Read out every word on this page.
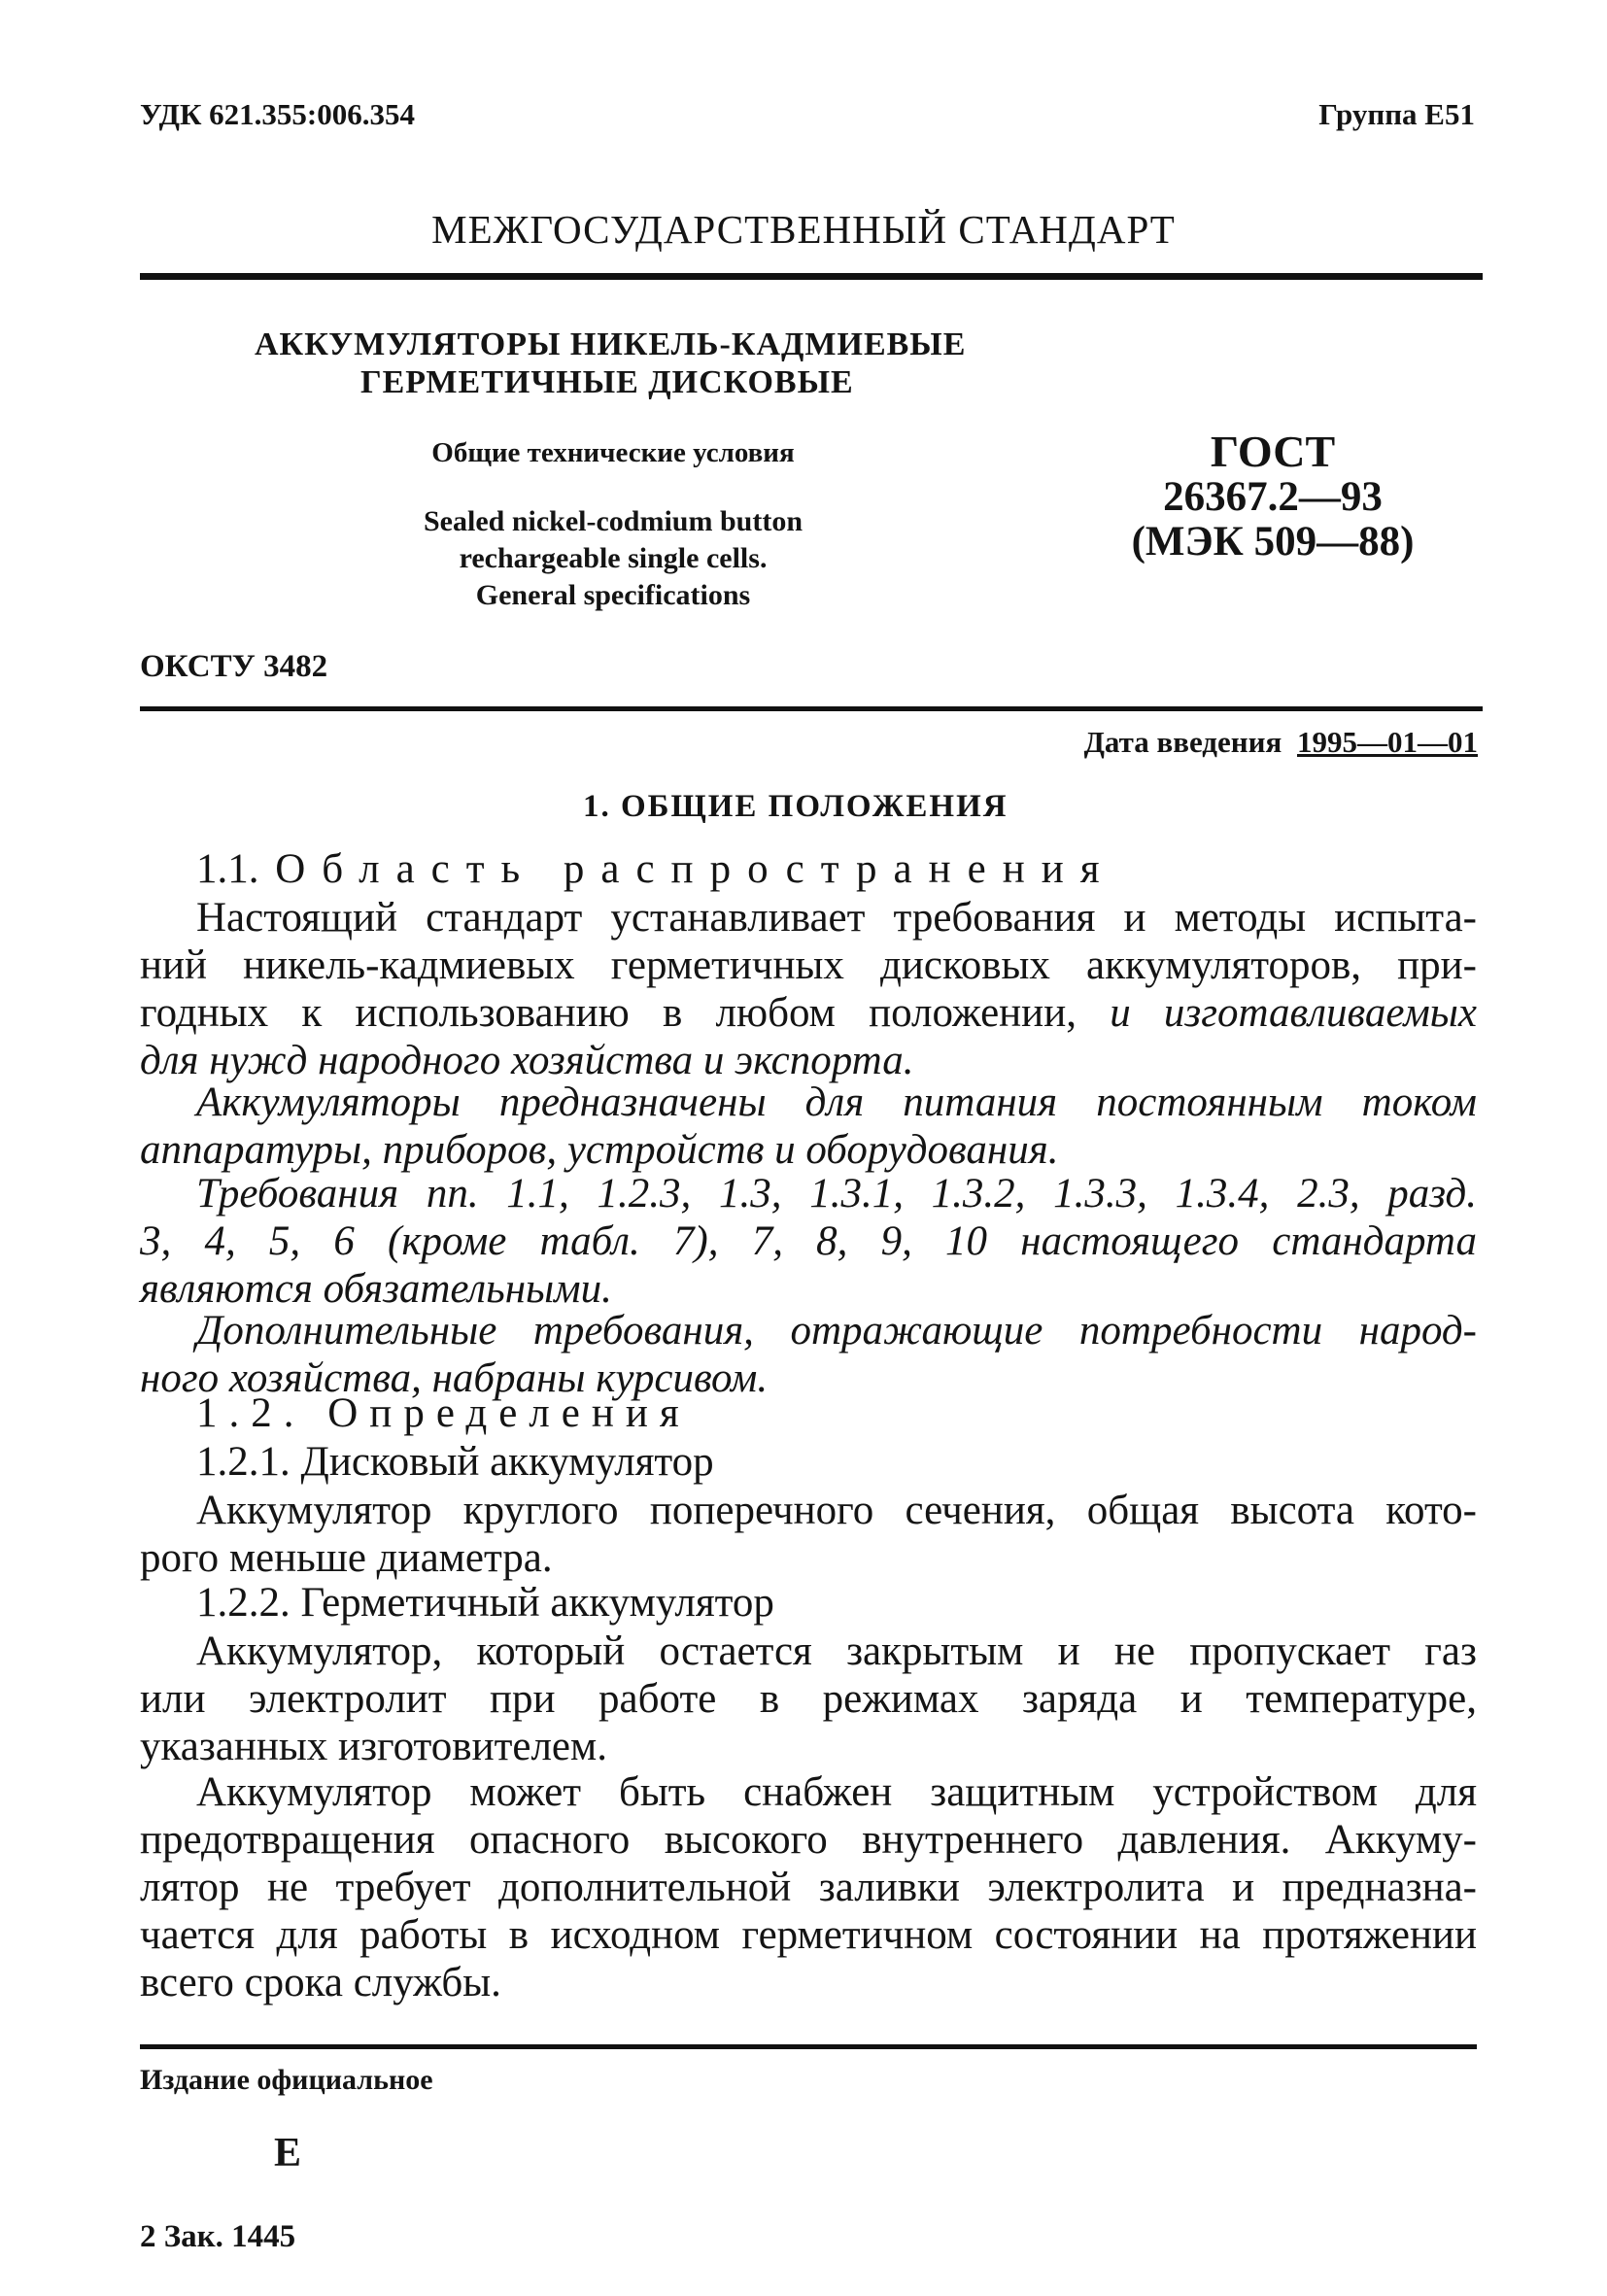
УДК 621.355:006.354	Группа Е51
МЕЖГОСУДАРСТВЕННЫЙ СТАНДАРТ
АККУМУЛЯТОРЫ НИКЕЛЬ-КАДМИЕВЫЕ
ГЕРМЕТИЧНЫЕ ДИСКОВЫЕ
Общие технические условия
Sealed nickel-codmium button
rechargeable single cells.
General specifications
ГОСТ
26367.2—93
(МЭК 509—88)
ОКСТУ 3482
Дата введения 1995—01—01
1. ОБЩИЕ ПОЛОЖЕНИЯ
1.1. Область распространения
Настоящий стандарт устанавливает требования и методы испыта-
ний никель-кадмиевых герметичных дисковых аккумуляторов, при-
годных к использованию в любом положении, и изготавливаемых
для нужд народного хозяйства и экспорта.
Аккумуляторы предназначены для питания постоянным током
аппаратуры, приборов, устройств и оборудования.
Требования пп. 1.1, 1.2.3, 1.3, 1.3.1, 1.3.2, 1.3.3, 1.3.4, 2.3, разд.
3, 4, 5, 6 (кроме табл. 7), 7, 8, 9, 10 настоящего стандарта
являются обязательными.
Дополнительные требования, отражающие потребности народ-
ного хозяйства, набраны курсивом.
1.2. Определения
1.2.1. Дисковый аккумулятор
Аккумулятор круглого поперечного сечения, общая высота кото-
рого меньше диаметра.
1.2.2. Герметичный аккумулятор
Аккумулятор, который остается закрытым и не пропускает газ
или электролит при работе в режимах заряда и температуре,
указанных изготовителем.
Аккумулятор может быть снабжен защитным устройством для
предотвращения опасного высокого внутреннего давления. Аккуму-
лятор не требует дополнительной заливки электролита и предназна-
чается для работы в исходном герметичном состоянии на протяжении
всего срока службы.
Издание официальное
Е
2 Зак. 1445
